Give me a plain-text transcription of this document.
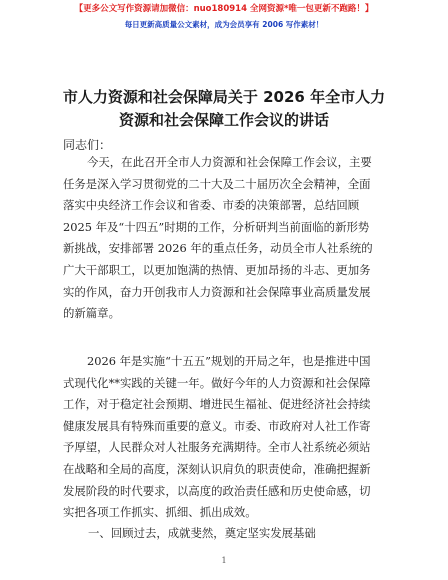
【更多公文写作资源请加微信：nuo180914 全网资源*唯一包更新不跑路！】
每日更新高质量公文素材，成为会员享有 2006 写作素材！
市人力资源和社会保障局关于 2026 年全市人力
资源和社会保障工作会议的讲话
同志们：
今天，在此召开全市人力资源和社会保障工作会议，主要
任务是深入学习贯彻党的二十大及二十届历次全会精神，全面
落实中央经济工作会议和省委、市委的决策部署，总结回顾
2025 年及“十四五”时期的工作，分析研判当前面临的新形势
新挑战，安排部署 2026 年的重点任务，动员全市人社系统的
广大干部职工，以更加饱满的热情、更加昂扬的斗志、更加务
实的作风，奋力开创我市人力资源和社会保障事业高质量发展
的新篇章。
2026 年是实施“十五五”规划的开局之年，也是推进中国
式现代化**实践的关键一年。做好今年的人力资源和社会保障
工作，对于稳定社会预期、增进民生福祉、促进经济社会持续
健康发展具有特殊而重要的意义。市委、市政府对人社工作寄
予厚望，人民群众对人社服务充满期待。全市人社系统必须站
在战略和全局的高度，深刻认识肩负的职责使命，准确把握新
发展阶段的时代要求，以高度的政治责任感和历史使命感，切
实把各项工作抓实、抓细、抓出成效。
一、回顾过去，成就斐然，奠定坚实发展基础
1
